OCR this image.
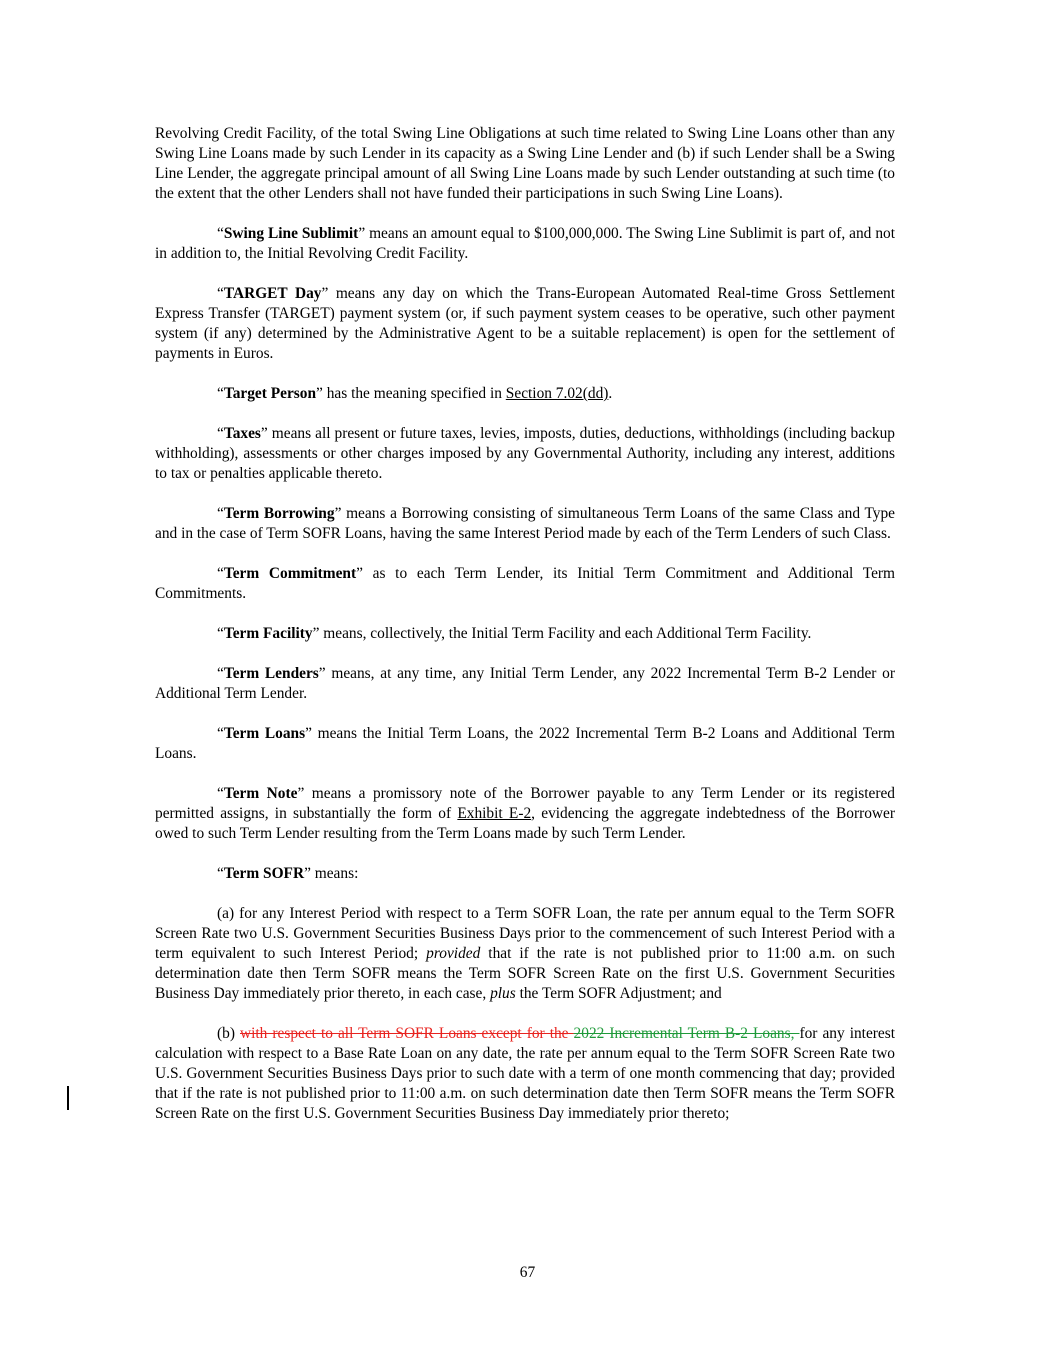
Revolving Credit Facility, of the total Swing Line Obligations at such time related to Swing Line Loans other than any Swing Line Loans made by such Lender in its capacity as a Swing Line Lender and (b) if such Lender shall be a Swing Line Lender, the aggregate principal amount of all Swing Line Loans made by such Lender outstanding at such time (to the extent that the other Lenders shall not have funded their participations in such Swing Line Loans).

“Swing Line Sublimit” means an amount equal to $100,000,000. The Swing Line Sublimit is part of, and not in addition to, the Initial Revolving Credit Facility.

“TARGET Day” means any day on which the Trans-European Automated Real-time Gross Settlement Express Transfer (TARGET) payment system (or, if such payment system ceases to be operative, such other payment system (if any) determined by the Administrative Agent to be a suitable replacement) is open for the settlement of payments in Euros.

“Target Person” has the meaning specified in Section 7.02(dd).

“Taxes” means all present or future taxes, levies, imposts, duties, deductions, withholdings (including backup withholding), assessments or other charges imposed by any Governmental Authority, including any interest, additions to tax or penalties applicable thereto.

“Term Borrowing” means a Borrowing consisting of simultaneous Term Loans of the same Class and Type and in the case of Term SOFR Loans, having the same Interest Period made by each of the Term Lenders of such Class.

“Term Commitment” as to each Term Lender, its Initial Term Commitment and Additional Term Commitments.

“Term Facility” means, collectively, the Initial Term Facility and each Additional Term Facility.

“Term Lenders” means, at any time, any Initial Term Lender, any 2022 Incremental Term B-2 Lender or Additional Term Lender.

“Term Loans” means the Initial Term Loans, the 2022 Incremental Term B-2 Loans and Additional Term Loans.

“Term Note” means a promissory note of the Borrower payable to any Term Lender or its registered permitted assigns, in substantially the form of Exhibit E-2, evidencing the aggregate indebtedness of the Borrower owed to such Term Lender resulting from the Term Loans made by such Term Lender.

“Term SOFR” means:

(a) for any Interest Period with respect to a Term SOFR Loan, the rate per annum equal to the Term SOFR Screen Rate two U.S. Government Securities Business Days prior to the commencement of such Interest Period with a term equivalent to such Interest Period; provided that if the rate is not published prior to 11:00 a.m. on such determination date then Term SOFR means the Term SOFR Screen Rate on the first U.S. Government Securities Business Day immediately prior thereto, in each case, plus the Term SOFR Adjustment; and

(b) with respect to all Term SOFR Loans except for the 2022 Incremental Term B-2 Loans, for any interest calculation with respect to a Base Rate Loan on any date, the rate per annum equal to the Term SOFR Screen Rate two U.S. Government Securities Business Days prior to such date with a term of one month commencing that day; provided that if the rate is not published prior to 11:00 a.m. on such determination date then Term SOFR means the Term SOFR Screen Rate on the first U.S. Government Securities Business Day immediately prior thereto;

67
